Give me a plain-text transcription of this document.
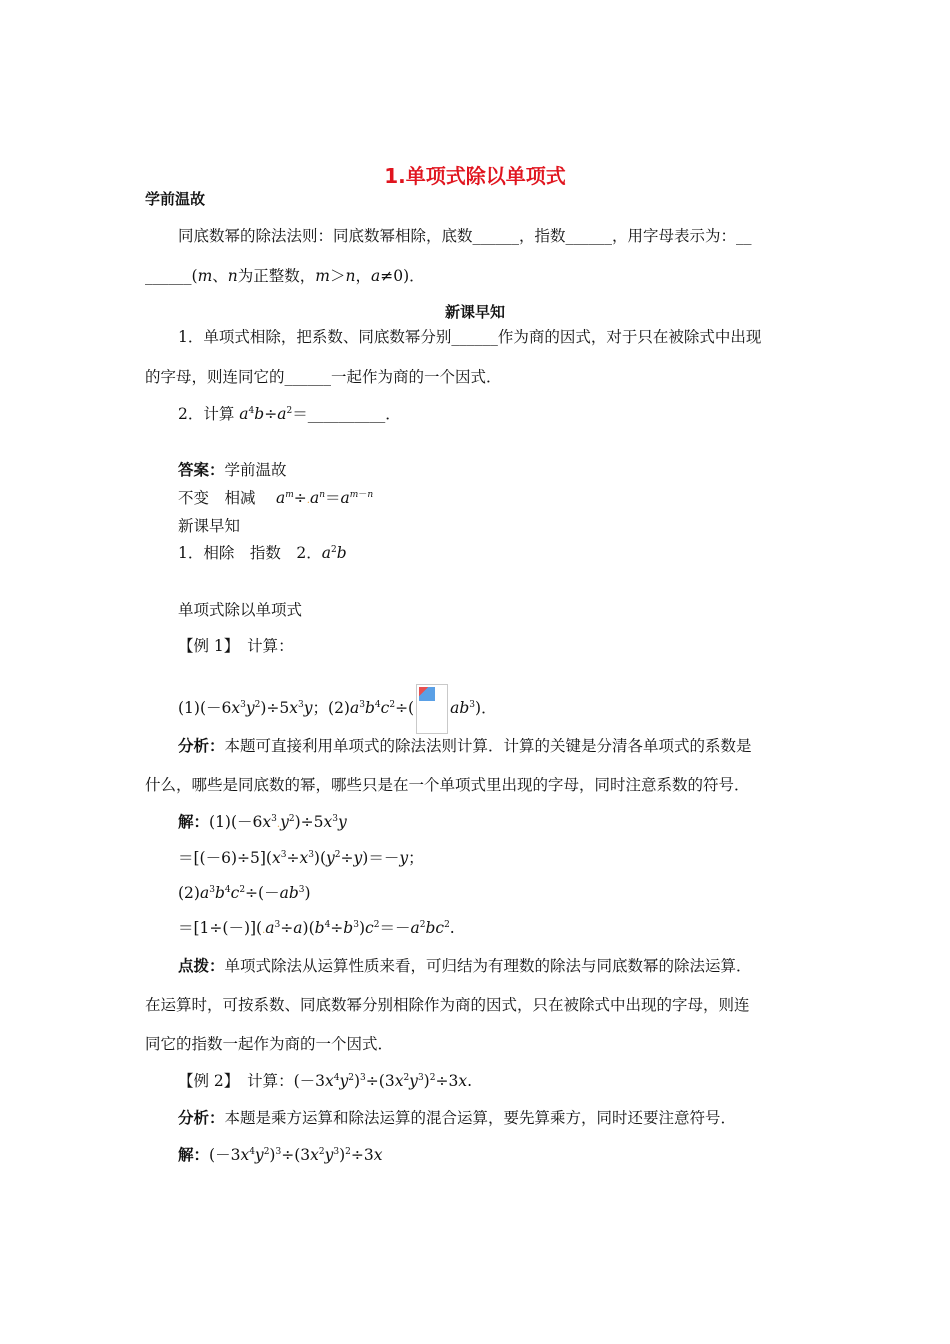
1.单项式除以单项式
学前温故
同底数幂的除法法则：同底数幂相除，底数______，指数______，用字母表示为：__
______(m、n为正整数，m＞n，a≠0)．
新课早知
1．单项式相除，把系数、同底数幂分别______作为商的因式，对于只在被除式中出现
的字母，则连同它的______一起作为商的一个因式．
2．计算 $a^4b\div a^2=\_\_\_\_\_\_\_\_\_\_$．
答案：学前温故
不变　相减　 $a^m\div.a^n=a^{m-n}$
新课早知
1．相除　指数　2．$a^2b$
单项式除以单项式
【例 1】　 计算：
$(1)(-6x^3y^2)\div 5x^3y$；$(2)a^3b^4c^2\div$( $ab^3$)．
分析：本题可直接利用单项式的除法法则计算．计算的关键是分清各单项式的系数是
什么，哪些是同底数的幂，哪些只是在一个单项式里出现的字母，同时注意系数的符号．
解：$(1)(-6x^3.y^2)\div 5x^3y$
$=[(-6)\div 5](x^3\div x^3)(y^2\div y)=-y$；
$(2)a^3b^4c^2\div(-ab^3)$
$=[1\div(-)](.a^3\div a)(b^4\div b^3)c^2=-a^2bc^2$.
点拨：单项式除法从运算性质来看，可归结为有理数的除法与同底数幂的除法运算．
在运算时，可按系数、同底数幂分别相除作为商的因式，只在被除式中出现的字母，则连
同它的指数一起作为商的一个因式．
【例 2】　 计算：$(-3x^4y^2)^3\div(3x^2y^3)^2\div 3x$.
分析：本题是乘方运算和除法运算的混合运算，要先算乘方，同时还要注意符号．
解：$(-3x^4y^2)^3\div(3x^2y^3)^2\div 3x$
